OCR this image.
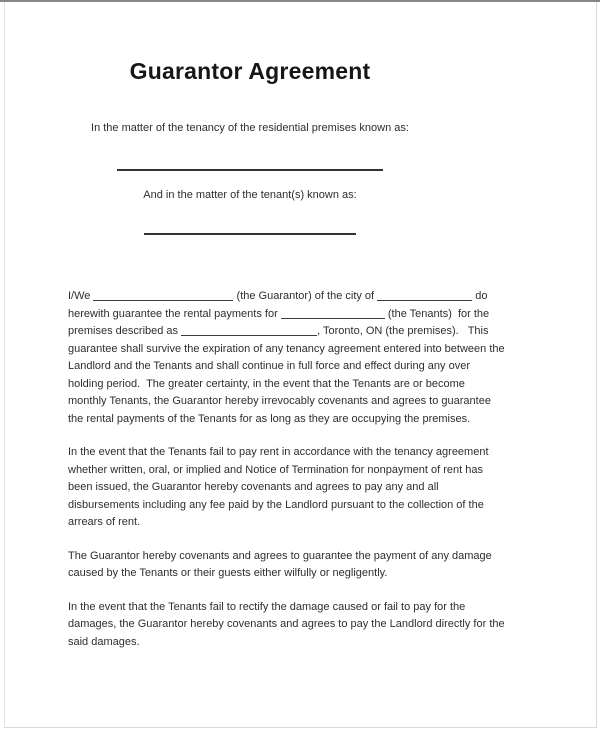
Guarantor Agreement
In the matter of the tenancy of the residential premises known as:
And in the matter of the tenant(s) known as:
I/We	(the Guarantor) of the city of	do
herewith guarantee the rental payments for	(the Tenants)  for the
premises described as	, Toronto, ON (the premises).   This
guarantee shall survive the expiration of any tenancy agreement entered into between the
Landlord and the Tenants and shall continue in full force and effect during any over
holding period.  The greater certainty, in the event that the Tenants are or become
monthly Tenants, the Guarantor hereby irrevocably covenants and agrees to guarantee
the rental payments of the Tenants for as long as they are occupying the premises.
In the event that the Tenants fail to pay rent in accordance with the tenancy agreement
whether written, oral, or implied and Notice of Termination for nonpayment of rent has
been issued, the Guarantor hereby covenants and agrees to pay any and all
disbursements including any fee paid by the Landlord pursuant to the collection of the
arrears of rent.
The Guarantor hereby covenants and agrees to guarantee the payment of any damage
caused by the Tenants or their guests either wilfully or negligently.
In the event that the Tenants fail to rectify the damage caused or fail to pay for the
damages, the Guarantor hereby covenants and agrees to pay the Landlord directly for the
said damages.
